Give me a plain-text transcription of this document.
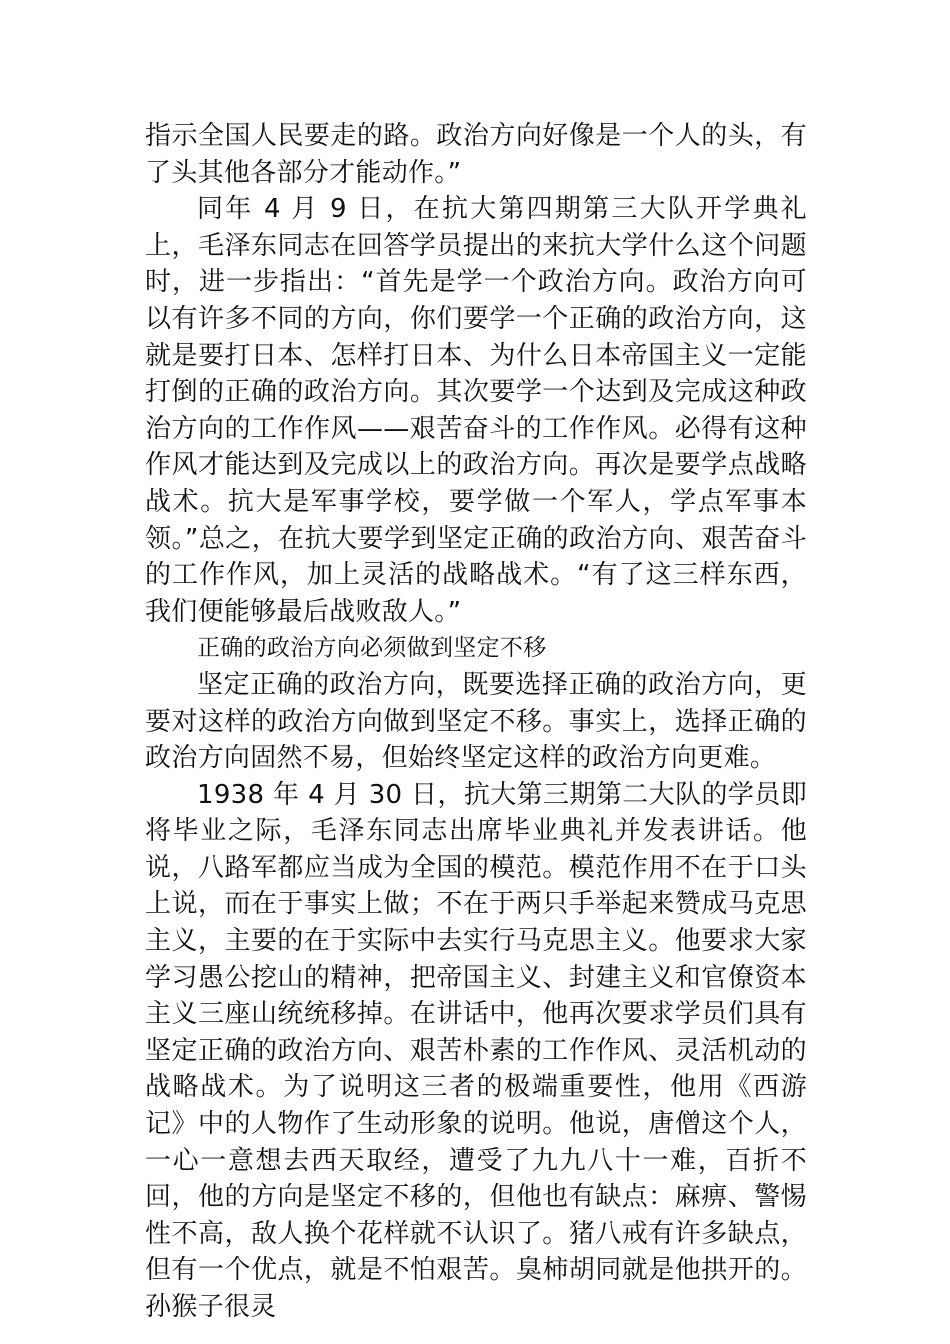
指示全国人民要走的路。政治方向好像是一个人的头，有了头其他各部分才能动作。”

同年 4 月 9 日，在抗大第四期第三大队开学典礼上，毛泽东同志在回答学员提出的来抗大学什么这个问题时，进一步指出：“首先是学一个政治方向。政治方向可以有许多不同的方向，你们要学一个正确的政治方向，这就是要打日本、怎样打日本、为什么日本帝国主义一定能打倒的正确的政治方向。其次要学一个达到及完成这种政治方向的工作作风——艰苦奋斗的工作作风。必得有这种作风才能达到及完成以上的政治方向。再次是要学点战略战术。抗大是军事学校，要学做一个军人，学点军事本领。”总之，在抗大要学到坚定正确的政治方向、艰苦奋斗的工作作风，加上灵活的战略战术。“有了这三样东西，我们便能够最后战败敌人。”

正确的政治方向必须做到坚定不移

坚定正确的政治方向，既要选择正确的政治方向，更要对这样的政治方向做到坚定不移。事实上，选择正确的政治方向固然不易，但始终坚定这样的政治方向更难。

1938 年 4 月 30 日，抗大第三期第二大队的学员即将毕业之际，毛泽东同志出席毕业典礼并发表讲话。他说，八路军都应当成为全国的模范。模范作用不在于口头上说，而在于事实上做；不在于两只手举起来赞成马克思主义，主要的在于实际中去实行马克思主义。他要求大家学习愚公挖山的精神，把帝国主义、封建主义和官僚资本主义三座山统统移掉。在讲话中，他再次要求学员们具有坚定正确的政治方向、艰苦朴素的工作作风、灵活机动的战略战术。为了说明这三者的极端重要性，他用《西游记》中的人物作了生动形象的说明。他说，唐僧这个人，一心一意想去西天取经，遭受了九九八十一难，百折不回，他的方向是坚定不移的，但他也有缺点：麻痹、警惕性不高，敌人换个花样就不认识了。猪八戒有许多缺点，但有一个优点，就是不怕艰苦。臭柿胡同就是他拱开的。孙猴子很灵
